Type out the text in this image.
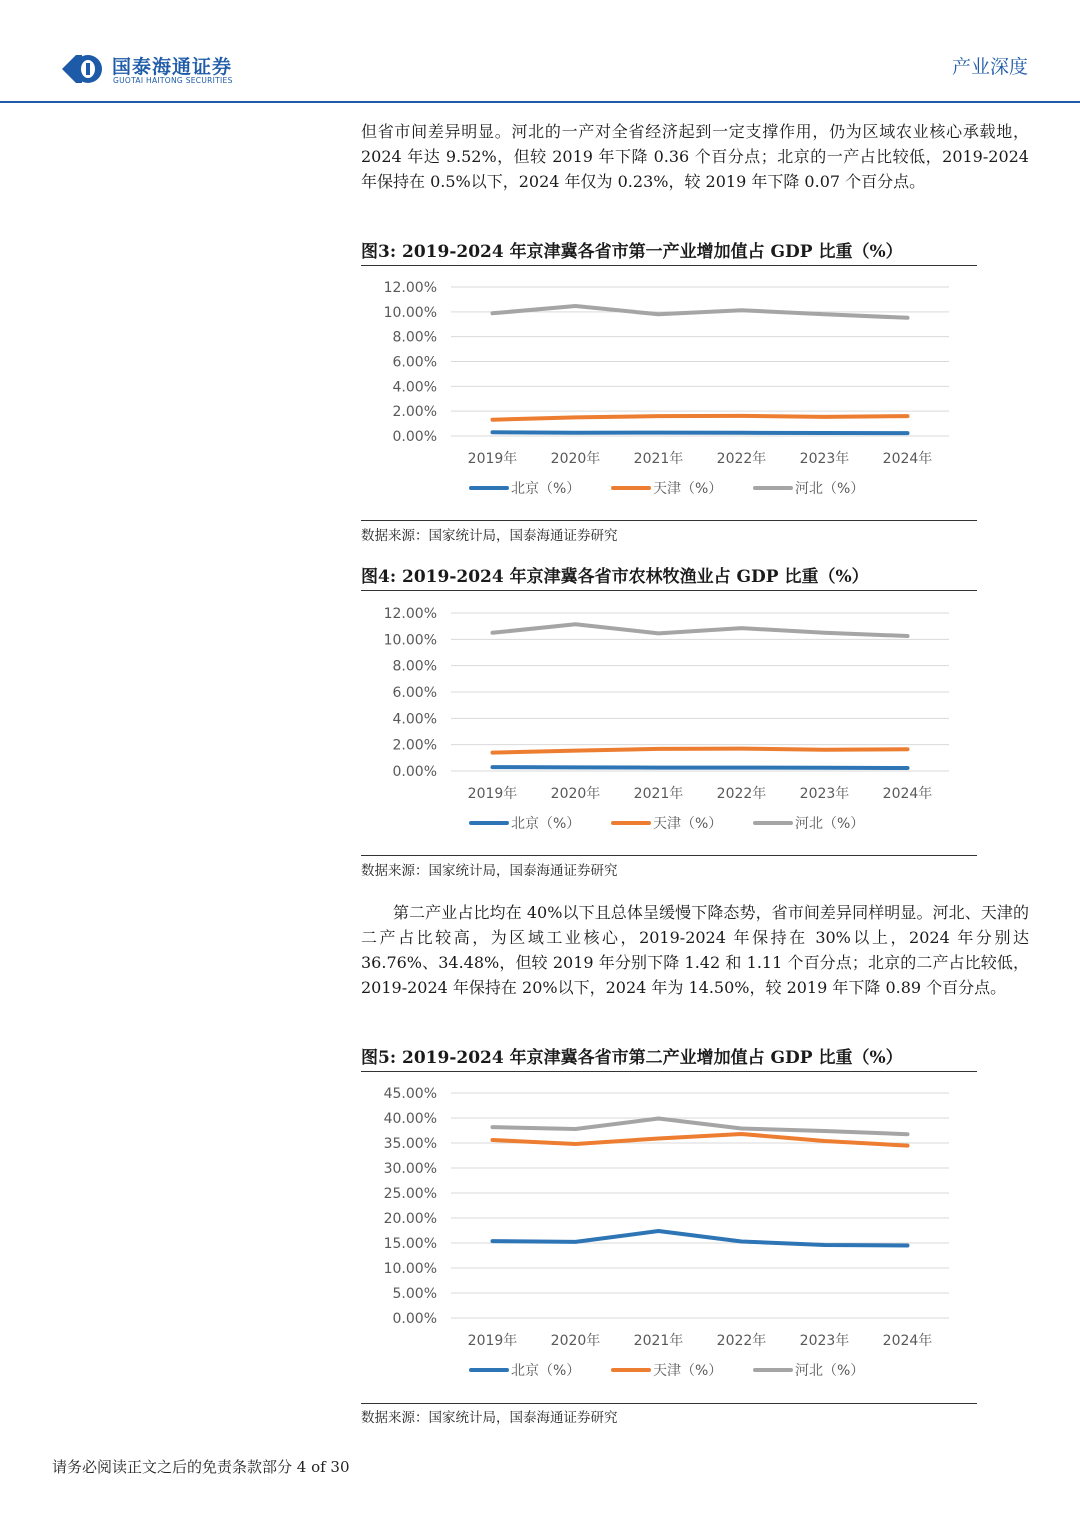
国泰海通证券
GUOTAI HAITONG SECURITIES
产业深度

但省市间差异明显。河北的一产对全省经济起到一定支撑作用，仍为区域农业核心承载地，2024 年达 9.52%，但较 2019 年下降 0.36 个百分点；北京的一产占比较低，2019-2024 年保持在 0.5%以下，2024 年仅为 0.23%，较 2019 年下降 0.07 个百分点。

图3: 2019-2024 年京津冀各省市第一产业增加值占 GDP 比重（%）
0.00%
2.00%
4.00%
6.00%
8.00%
10.00%
12.00%
2019年 2020年 2021年 2022年 2023年 2024年
北京（%）	天津（%）	河北（%）
数据来源：国家统计局，国泰海通证券研究
图4: 2019-2024 年京津冀各省市农林牧渔业占 GDP 比重（%）
0.00%
2.00%
4.00%
6.00%
8.00%
10.00%
12.00%
2019年 2020年 2021年 2022年 2023年 2024年
北京（%）	天津（%）	河北（%）
数据来源：国家统计局，国泰海通证券研究

第二产业占比均在 40%以下且总体呈缓慢下降态势，省市间差异同样明显。河北、天津的二产占比较高，为区域工业核心，2019-2024 年保持在 30%以上，2024 年分别达 36.76%、34.48%，但较 2019 年分别下降 1.42 和 1.11 个百分点；北京的二产占比较低，2019-2024 年保持在 20%以下，2024 年为 14.50%，较 2019 年下降 0.89 个百分点。

图5: 2019-2024 年京津冀各省市第二产业增加值占 GDP 比重（%）
0.00%
5.00%
10.00%
15.00%
20.00%
25.00%
30.00%
35.00%
40.00%
45.00%
2019年 2020年 2021年 2022年 2023年 2024年
北京（%）	天津（%）	河北（%）
数据来源：国家统计局，国泰海通证券研究
请务必阅读正文之后的免责条款部分 4 of 30
